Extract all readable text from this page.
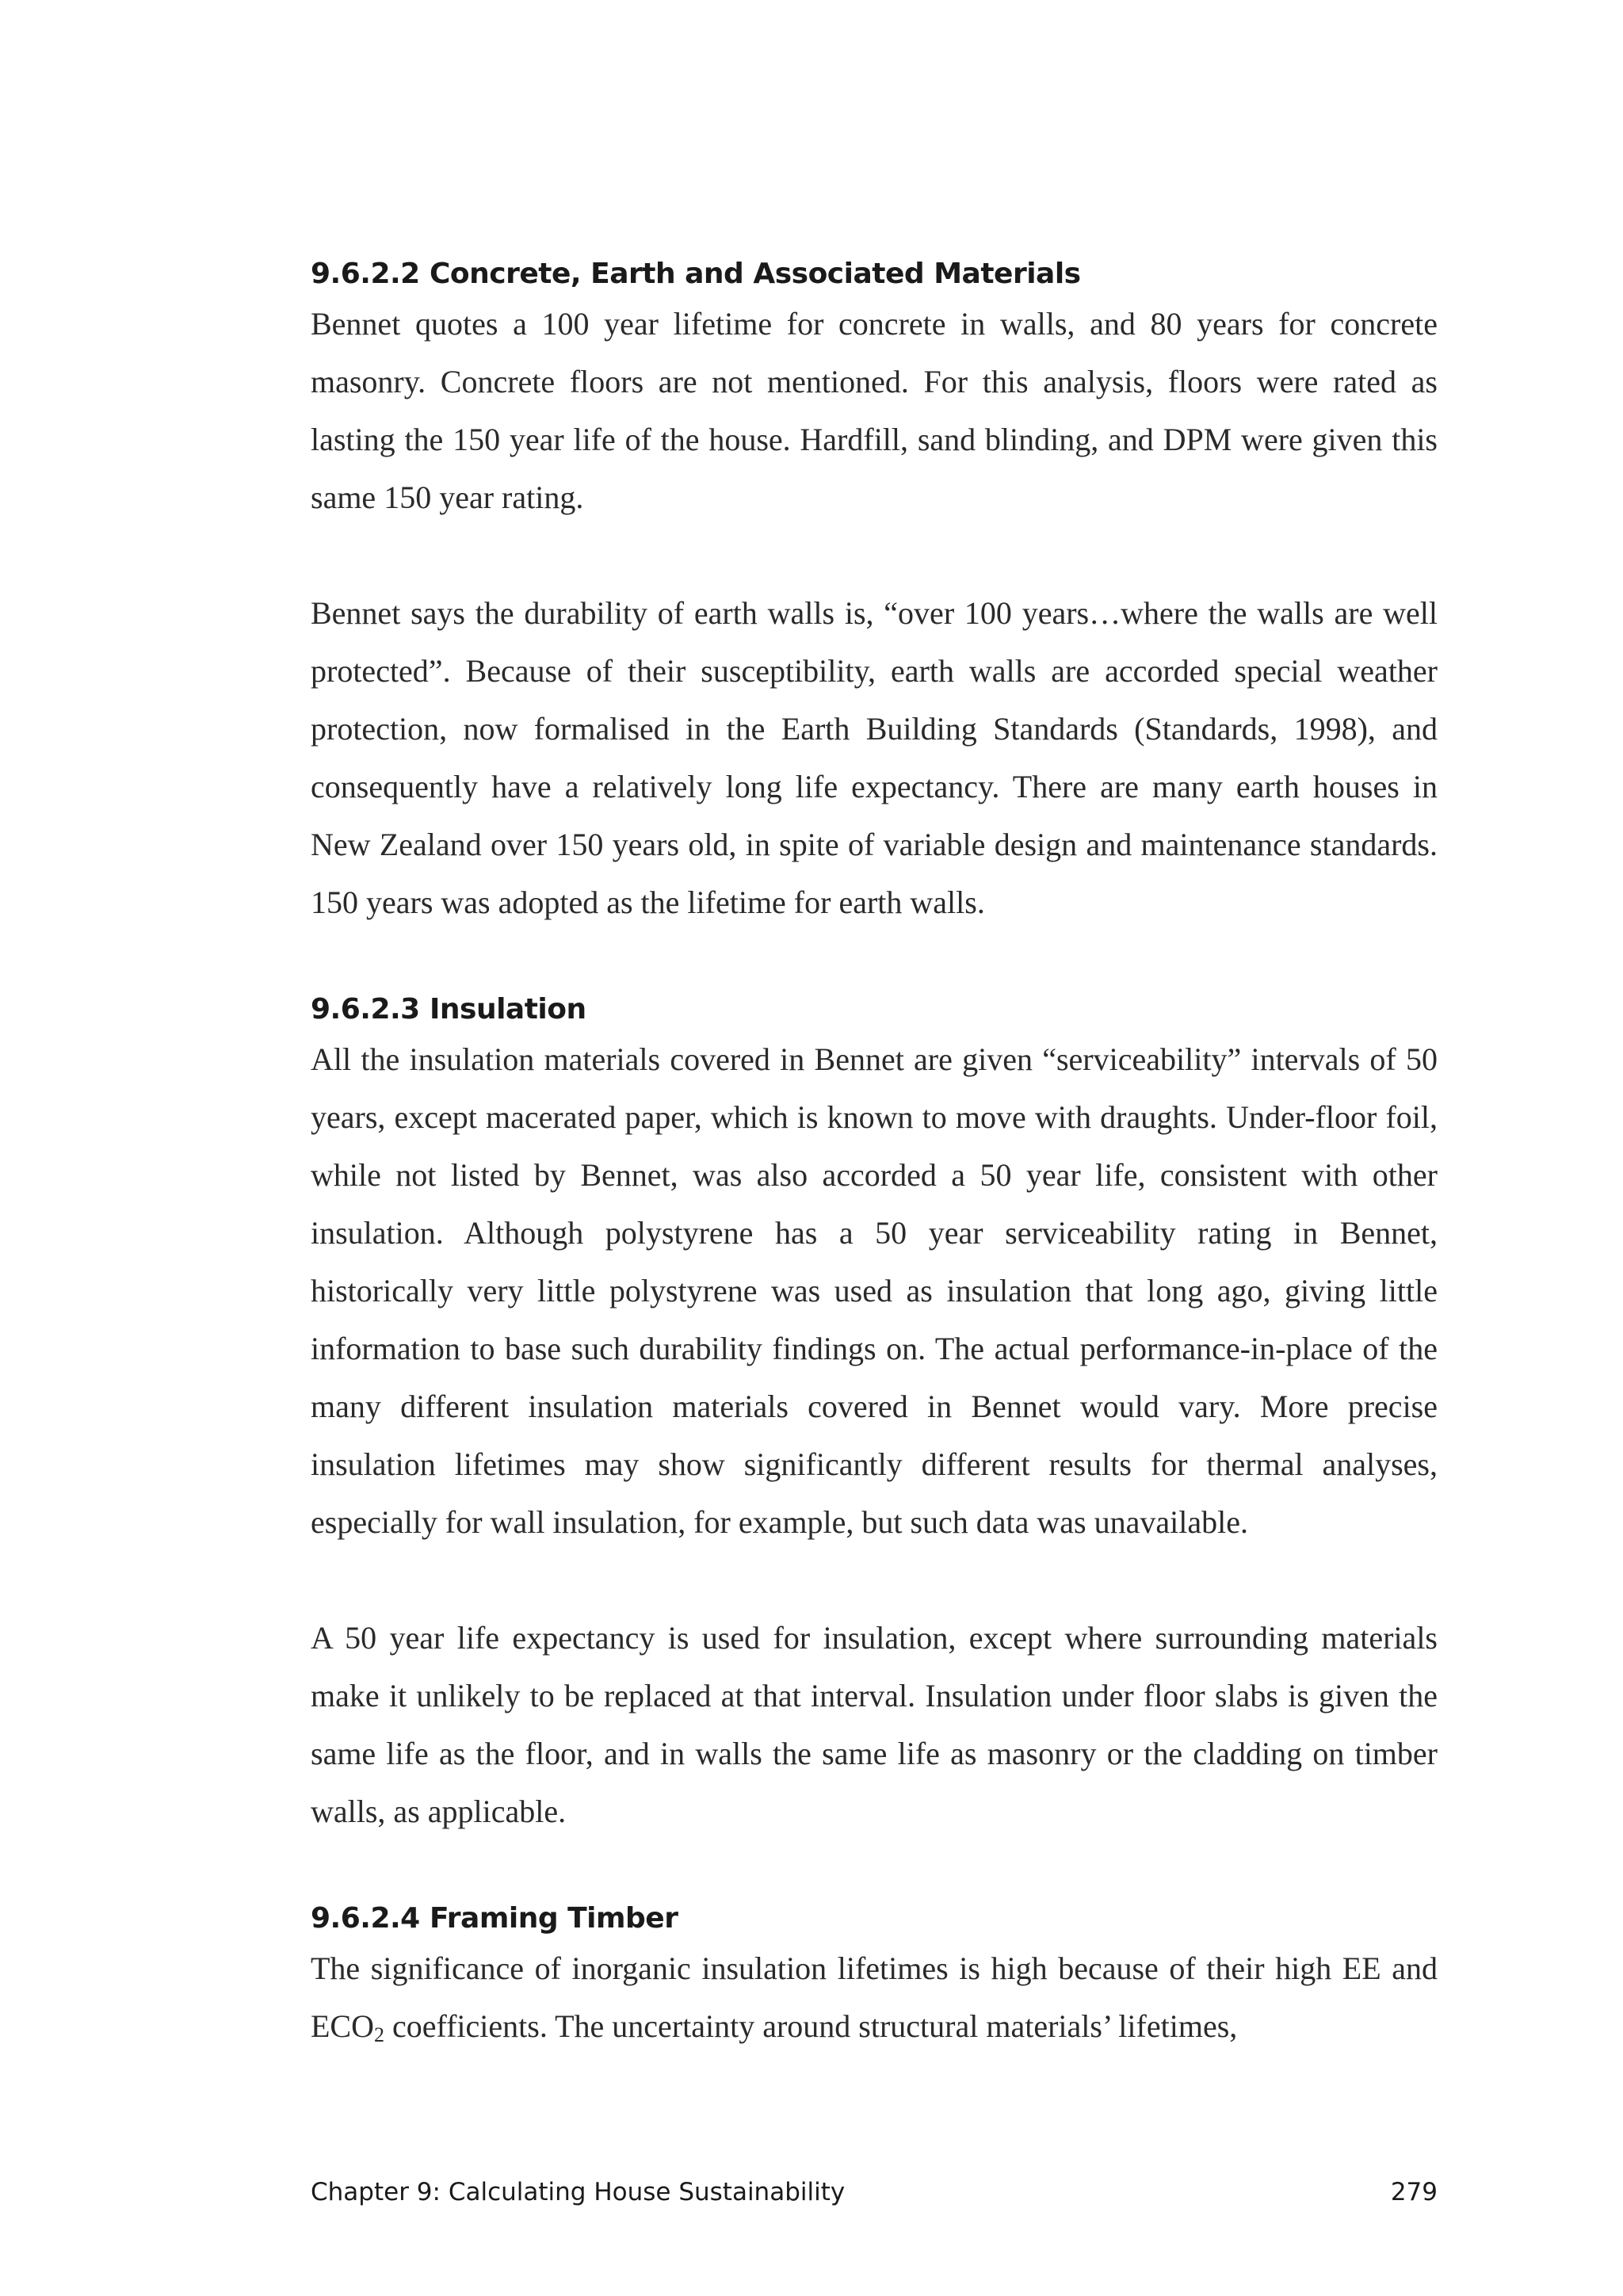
9.6.2.2 Concrete, Earth and Associated Materials

Bennet quotes a 100 year lifetime for concrete in walls, and 80 years for concrete masonry. Concrete floors are not mentioned. For this analysis, floors were rated as lasting the 150 year life of the house. Hardfill, sand blinding, and DPM were given this same 150 year rating.

Bennet says the durability of earth walls is, “over 100 years…where the walls are well protected”. Because of their susceptibility, earth walls are accorded special weather protection, now formalised in the Earth Building Standards (Standards, 1998), and consequently have a relatively long life expectancy. There are many earth houses in New Zealand over 150 years old, in spite of variable design and maintenance standards. 150 years was adopted as the lifetime for earth walls.

9.6.2.3 Insulation

All the insulation materials covered in Bennet are given “serviceability” intervals of 50 years, except macerated paper, which is known to move with draughts. Under-floor foil, while not listed by Bennet, was also accorded a 50 year life, consistent with other insulation. Although polystyrene has a 50 year serviceability rating in Bennet, historically very little polystyrene was used as insulation that long ago, giving little information to base such durability findings on. The actual performance-in-place of the many different insulation materials covered in Bennet would vary. More precise insulation lifetimes may show significantly different results for thermal analyses, especially for wall insulation, for example, but such data was unavailable.

A 50 year life expectancy is used for insulation, except where surrounding materials make it unlikely to be replaced at that interval. Insulation under floor slabs is given the same life as the floor, and in walls the same life as masonry or the cladding on timber walls, as applicable.

9.6.2.4 Framing Timber

The significance of inorganic insulation lifetimes is high because of their high EE and $ECO_2$ coefficients. The uncertainty around structural materials’ lifetimes,

Chapter 9: Calculating House Sustainability	279
